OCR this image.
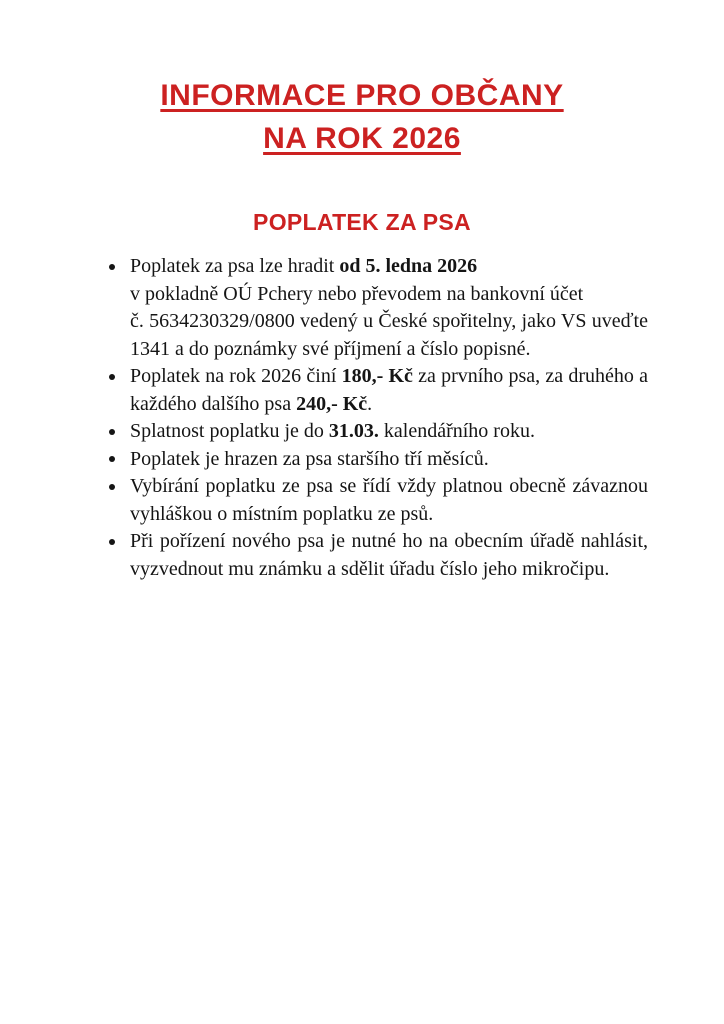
INFORMACE PRO OBČANY
NA ROK 2026
POPLATEK ZA PSA
Poplatek za psa lze hradit od 5. ledna 2026
v pokladně OÚ Pchery nebo převodem na bankovní účet
č. 5634230329/0800 vedený u České spořitelny, jako VS uveďte 1341 a do poznámky své příjmení a číslo popisné.
Poplatek na rok 2026 činí 180,- Kč za prvního psa, za druhého a každého dalšího psa 240,- Kč.
Splatnost poplatku je do 31.03. kalendářního roku.
Poplatek je hrazen za psa staršího tří měsíců.
Vybírání poplatku ze psa se řídí vždy platnou obecně závaznou vyhláškou o místním poplatku ze psů.
Při pořízení nového psa je nutné ho na obecním úřadě nahlásit, vyzvednout mu známku a sdělit úřadu číslo jeho mikročipu.
